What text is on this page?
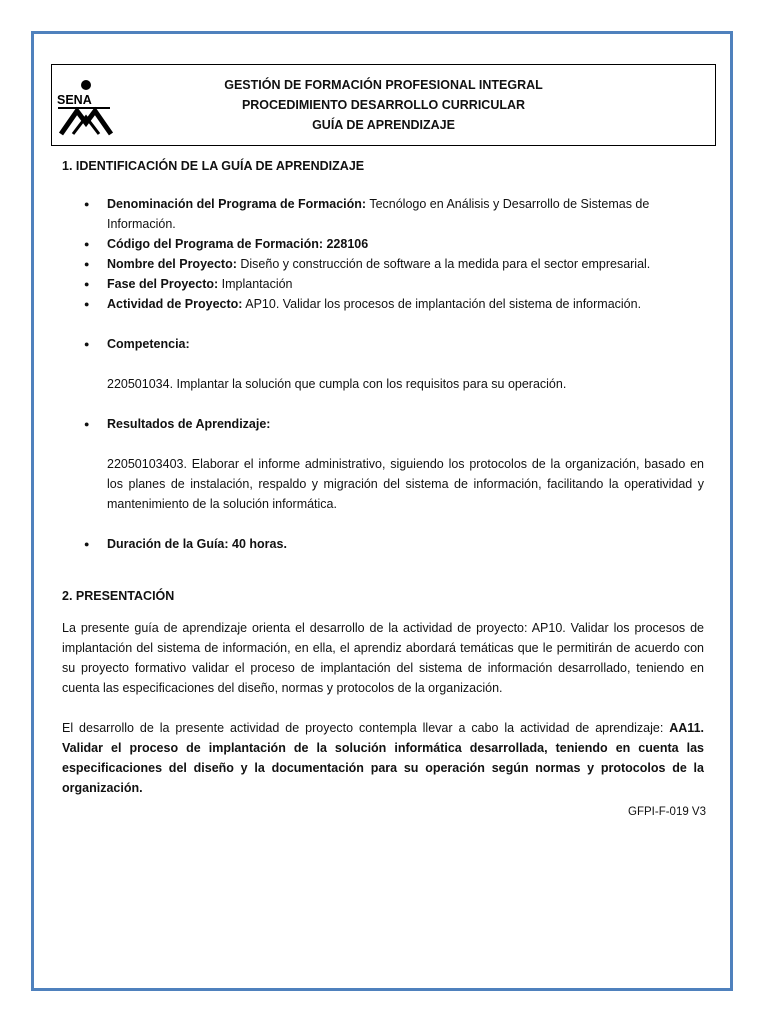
SENA
GESTIÓN DE FORMACIÓN PROFESIONAL INTEGRAL
PROCEDIMIENTO DESARROLLO CURRICULAR
GUÍA DE APRENDIZAJE

1. IDENTIFICACIÓN DE LA GUÍA DE APRENDIZAJE

● Denominación del Programa de Formación: Tecnólogo en Análisis y Desarrollo de Sistemas de Información.
● Código del Programa de Formación: 228106
● Nombre del Proyecto: Diseño y construcción de software a la medida para el sector empresarial.
● Fase del Proyecto: Implantación
● Actividad de Proyecto: AP10. Validar los procesos de implantación del sistema de información.
● Competencia:

220501034. Implantar la solución que cumpla con los requisitos para su operación.

● Resultados de Aprendizaje:

22050103403. Elaborar el informe administrativo, siguiendo los protocolos de la organización, basado en los planes de instalación, respaldo y migración del sistema de información, facilitando la operatividad y mantenimiento de la solución informática.

● Duración de la Guía: 40 horas.

2. PRESENTACIÓN

La presente guía de aprendizaje orienta el desarrollo de la actividad de proyecto: AP10. Validar los procesos de implantación del sistema de información, en ella, el aprendiz abordará temáticas que le permitirán de acuerdo con su proyecto formativo validar el proceso de implantación del sistema de información desarrollado, teniendo en cuenta las especificaciones del diseño, normas y protocolos de la organización.

El desarrollo de la presente actividad de proyecto contempla llevar a cabo la actividad de aprendizaje: AA11. Validar el proceso de implantación de la solución informática desarrollada, teniendo en cuenta las especificaciones del diseño y la documentación para su operación según normas y protocolos de la organización.

GFPI-F-019 V3
